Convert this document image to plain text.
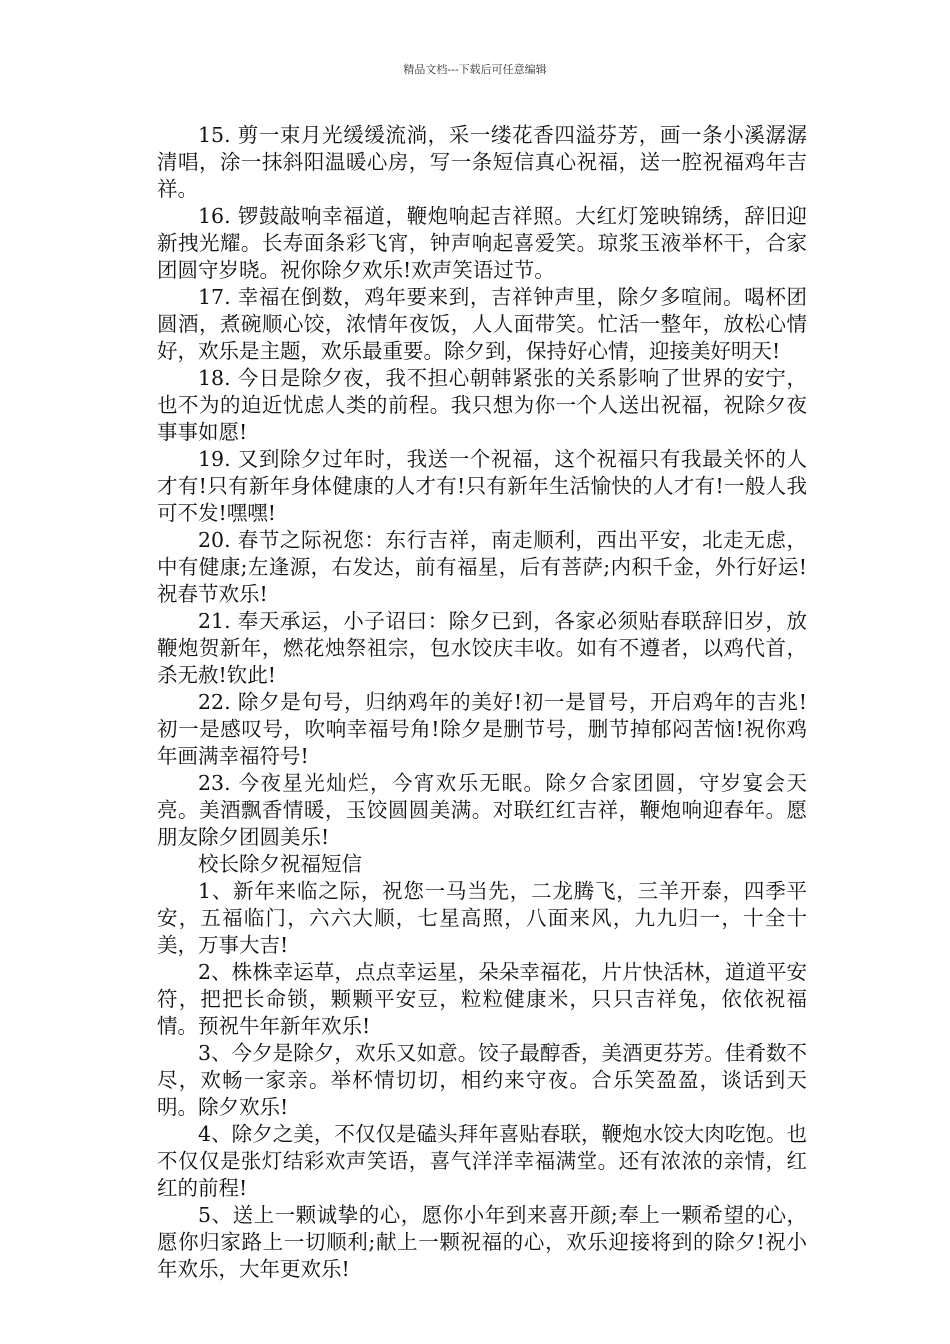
精品文档---下载后可任意编辑

15. 剪一束月光缓缓流淌，采一缕花香四溢芬芳，画一条小溪潺潺清唱，涂一抹斜阳温暖心房，写一条短信真心祝福，送一腔祝福鸡年吉祥。

16. 锣鼓敲响幸福道，鞭炮响起吉祥照。大红灯笼映锦绣，辞旧迎新拽光耀。长寿面条彩飞宵，钟声响起喜爱笑。琼浆玉液举杯干，合家团圆守岁晓。祝你除夕欢乐!欢声笑语过节。

17. 幸福在倒数，鸡年要来到，吉祥钟声里，除夕多喧闹。喝杯团圆酒，煮碗顺心饺，浓情年夜饭，人人面带笑。忙活一整年，放松心情好，欢乐是主题，欢乐最重要。除夕到，保持好心情，迎接美好明天!

18. 今日是除夕夜，我不担心朝韩紧张的关系影响了世界的安宁，也不为的迫近忧虑人类的前程。我只想为你一个人送出祝福，祝除夕夜事事如愿!

19. 又到除夕过年时，我送一个祝福，这个祝福只有我最关怀的人才有!只有新年身体健康的人才有!只有新年生活愉快的人才有!一般人我可不发!嘿嘿!

20. 春节之际祝您：东行吉祥，南走顺利，西出平安，北走无虑，中有健康;左逢源，右发达，前有福星，后有菩萨;内积千金，外行好运!祝春节欢乐!

21. 奉天承运，小子诏曰：除夕已到，各家必须贴春联辞旧岁，放鞭炮贺新年，燃花烛祭祖宗，包水饺庆丰收。如有不遵者，以鸡代首，杀无赦!钦此!

22. 除夕是句号，归纳鸡年的美好!初一是冒号，开启鸡年的吉兆!初一是感叹号，吹响幸福号角!除夕是删节号，删节掉郁闷苦恼!祝你鸡年画满幸福符号!

23. 今夜星光灿烂，今宵欢乐无眠。除夕合家团圆，守岁宴会天亮。美酒飘香情暖，玉饺圆圆美满。对联红红吉祥，鞭炮响迎春年。愿朋友除夕团圆美乐!

校长除夕祝福短信

1、新年来临之际，祝您一马当先，二龙腾飞，三羊开泰，四季平安，五福临门，六六大顺，七星高照，八面来风，九九归一，十全十美，万事大吉!

2、株株幸运草，点点幸运星，朵朵幸福花，片片快活林，道道平安符，把把长命锁，颗颗平安豆，粒粒健康米，只只吉祥兔，依依祝福情。预祝牛年新年欢乐!

3、今夕是除夕，欢乐又如意。饺子最醇香，美酒更芬芳。佳肴数不尽，欢畅一家亲。举杯情切切，相约来守夜。合乐笑盈盈，谈话到天明。除夕欢乐!

4、除夕之美，不仅仅是磕头拜年喜贴春联，鞭炮水饺大肉吃饱。也不仅仅是张灯结彩欢声笑语，喜气洋洋幸福满堂。还有浓浓的亲情，红红的前程!

5、送上一颗诚挚的心，愿你小年到来喜开颜;奉上一颗希望的心，愿你归家路上一切顺利;献上一颗祝福的心，欢乐迎接将到的除夕!祝小年欢乐，大年更欢乐!
